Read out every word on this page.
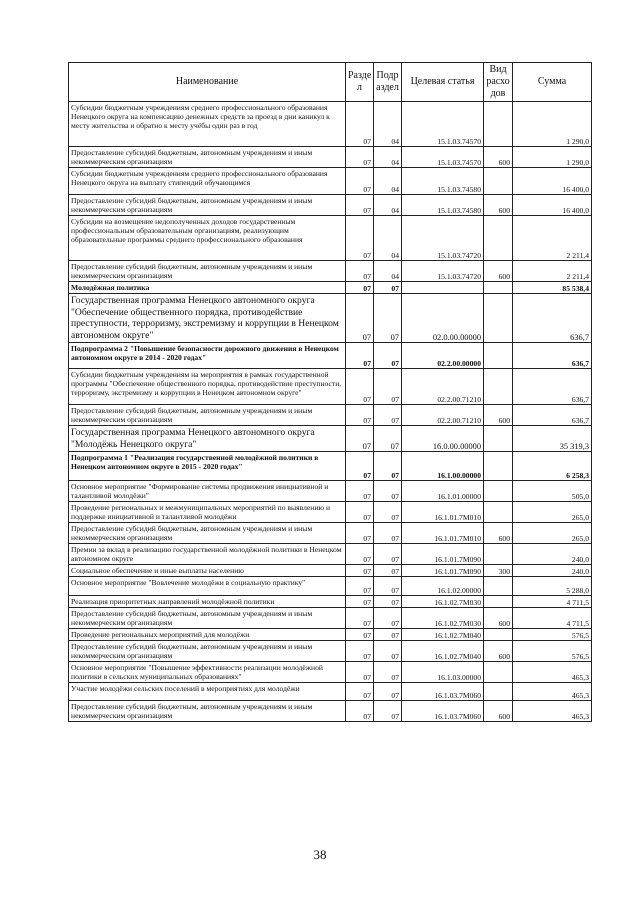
Наименование	Разде л	Подр аздел	Целевая статья	Вид расхо дов	Сумма
Субсидии бюджетным учреждениям среднего профессионального образования Ненецкого округа на компенсацию денежных средств за проезд в дни каникул к месту жительства и обратно к месту учёбы один раз в год	07	04	15.1.03.74570		1 290,0
Предоставление субсидий бюджетным, автономным учреждениям и иным некоммерческим организациям	07	04	15.1.03.74570	600	1 290,0
Субсидии бюджетным учреждениям среднего профессионального образования Ненецкого округа на выплату стипендий обучающимся	07	04	15.1.03.74580		16 400,0
Предоставление субсидий бюджетным, автономным учреждениям и иным некоммерческим организациям	07	04	15.1.03.74580	600	16 400,0
Субсидии на возмещение недополученных доходов государственным профессиональным образовательным организациям, реализующим образовательные программы среднего профессионального образования	07	04	15.1.03.74720		2 211,4
Предоставление субсидий бюджетным, автономным учреждениям и иным некоммерческим организациям	07	04	15.1.03.74720	600	2 211,4
Молодёжная политика	07	07			85 538,4
Государственная программа Ненецкого автономного округа "Обеспечение общественного порядка, противодействие преступности, терроризму, экстремизму и коррупции в Ненецком автономном округе"	07	07	02.0.00.00000		636,7
Подпрограмма 2 "Повышение безопасности дорожного движения в Ненецком автономном округе в 2014 - 2020 годах"	07	07	02.2.00.00000		636,7
Субсидии бюджетным учреждениям на мероприятия в рамках государственной программы "Обеспечение общественного порядка, противодействие преступности, терроризму, экстремизму и коррупции в Ненецком автономном округе"	07	07	02.2.00.71210		636,7
Предоставление субсидий бюджетным, автономным учреждениям и иным некоммерческим организациям	07	07	02.2.00.71210	600	636,7
Государственная программа Ненецкого автономного округа "Молодёжь Ненецкого округа"	07	07	16.0.00.00000		35 319,3
Подпрограмма 1 "Реализация государственной молодёжной политики в Ненецком автономном округе в 2015 - 2020 годах"	07	07	16.1.00.00000		6 258,3
Основное мероприятие "Формирование системы продвижения инициативной и талантливой молодёжи"	07	07	16.1.01.00000		505,0
Проведение региональных и межмуниципальных мероприятий по выявлению и поддержке инициативной и талантливой молодёжи	07	07	16.1.01.7M010		265,0
Предоставление субсидий бюджетным, автономным учреждениям и иным некоммерческим организациям	07	07	16.1.01.7M010	600	265,0
Премии за вклад в реализацию государственной молодёжной политики в Ненецком автономном округе	07	07	16.1.01.7M090		240,0
Социальное обеспечение и иные выплаты населению	07	07	16.1.01.7M090	300	240,0
Основное мероприятие "Вовлечение молодёжи в социальную практику"	07	07	16.1.02.00000		5 288,0
Реализация приоритетных направлений молодёжной политики	07	07	16.1.02.7M030		4 711,5
Предоставление субсидий бюджетным, автономным учреждениям и иным некоммерческим организациям	07	07	16.1.02.7M030	600	4 711,5
Проведение региональных мероприятий для молодёжи	07	07	16.1.02.7M040		576,5
Предоставление субсидий бюджетным, автономным учреждениям и иным некоммерческим организациям	07	07	16.1.02.7M040	600	576,5
Основное мероприятие "Повышение эффективности реализации молодёжной политики в сельских муниципальных образованиях"	07	07	16.1.03.00000		465,3
Участие молодёжи сельских поселений в мероприятиях для молодёжи	07	07	16.1.03.7M060		465,3
Предоставление субсидий бюджетным, автономным учреждениям и иным некоммерческим организациям	07	07	16.1.03.7M060	600	465,3
38
